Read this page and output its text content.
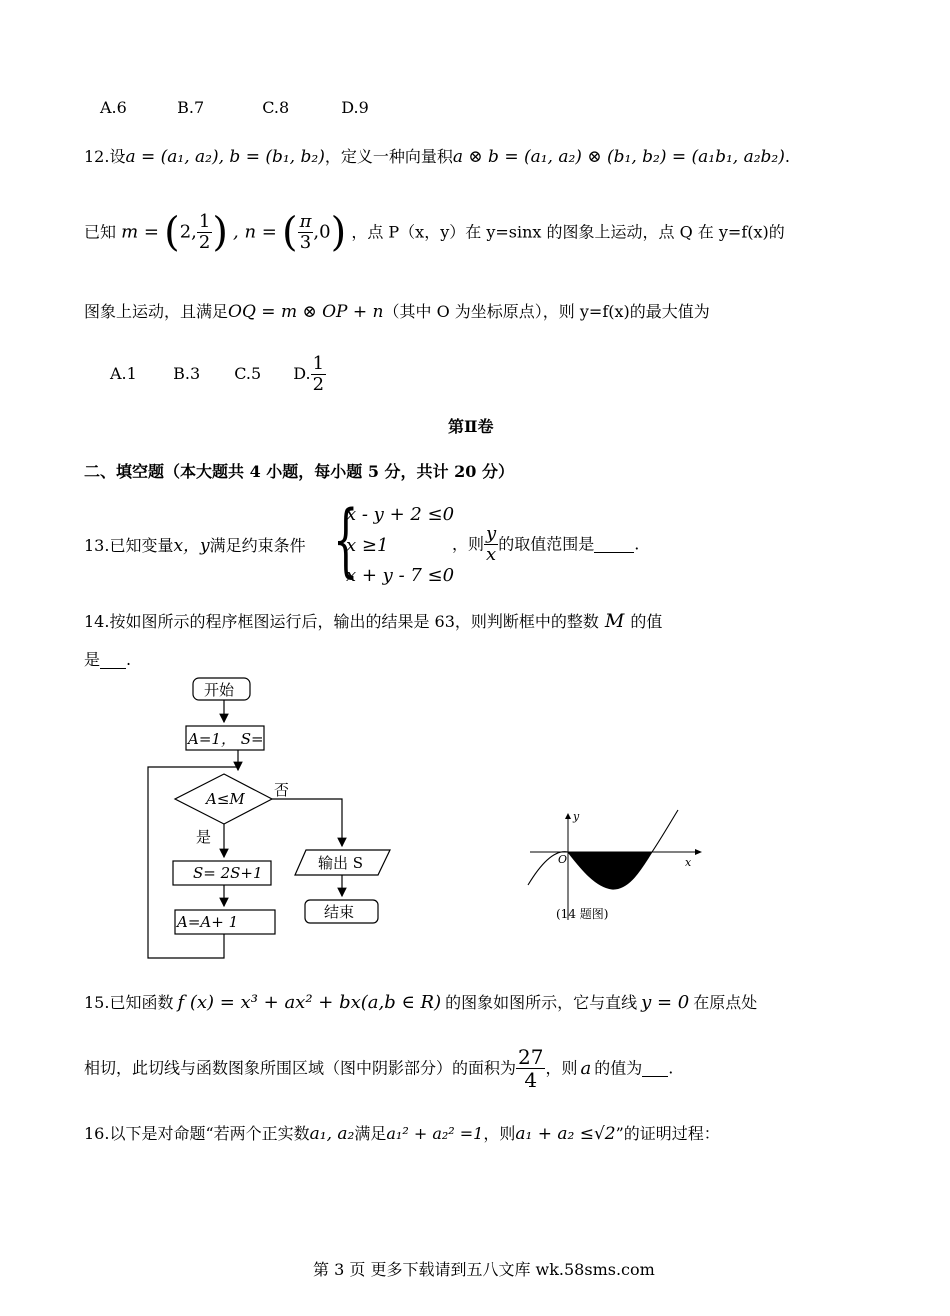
A.6	B.7	C.8	D.9
12.设a = (a₁, a₂), b = (b₁, b₂)，定义一种向量积a ⊗ b = (a₁, a₂) ⊗ (b₁, b₂) = (a₁b₁, a₂b₂).
已知 m = (2, $\frac{1}{2}$ ) , n = ( $\frac{\pi}{3} ,0$) ，点 P（x，y）在 y=sinx 的图象上运动，点 Q 在 y=f(x)的
图象上运动，且满足OQ = m ⊗ OP + n（其中 O 为坐标原点），则 y=f(x)的最大值为
A.1 B.3 C.5 D. $\frac{1}{2}$
第Ⅱ卷
二、填空题（本大题共 4 小题，每小题 5 分，共计 20 分）
13.已知变量x，y满足约束条件 {
x - y + 2 ≤0
x ≥1
x + y - 7 ≤0
，则 $\frac{y}{x}$ 的取值范围是	.
14.按如图所示的程序框图运行后，输出的结果是 63，则判断框中的整数 M 的值
是 .
开始
A=1， S=
A≤M 否
是
S= 2S+1
A=A+ 1
输出 S
结束
y
x
O
(14 题图)
15.已知函数 f (x) = x³ + ax² + bx(a,b ∈ R) 的图象如图所示，它与直线 y = 0 在原点处
相切，此切线与函数图象所围区域（图中阴影部分）的面积为 $\frac{27}{4}$ ，则 a 的值为 .
16.以下是对命题“若两个正实数a₁, a₂满足a₁² + a₂² =1，则a₁ + a₂ ≤√2”的证明过程：
第 3 页 更多下载请到五八文库 wk.58sms.com
